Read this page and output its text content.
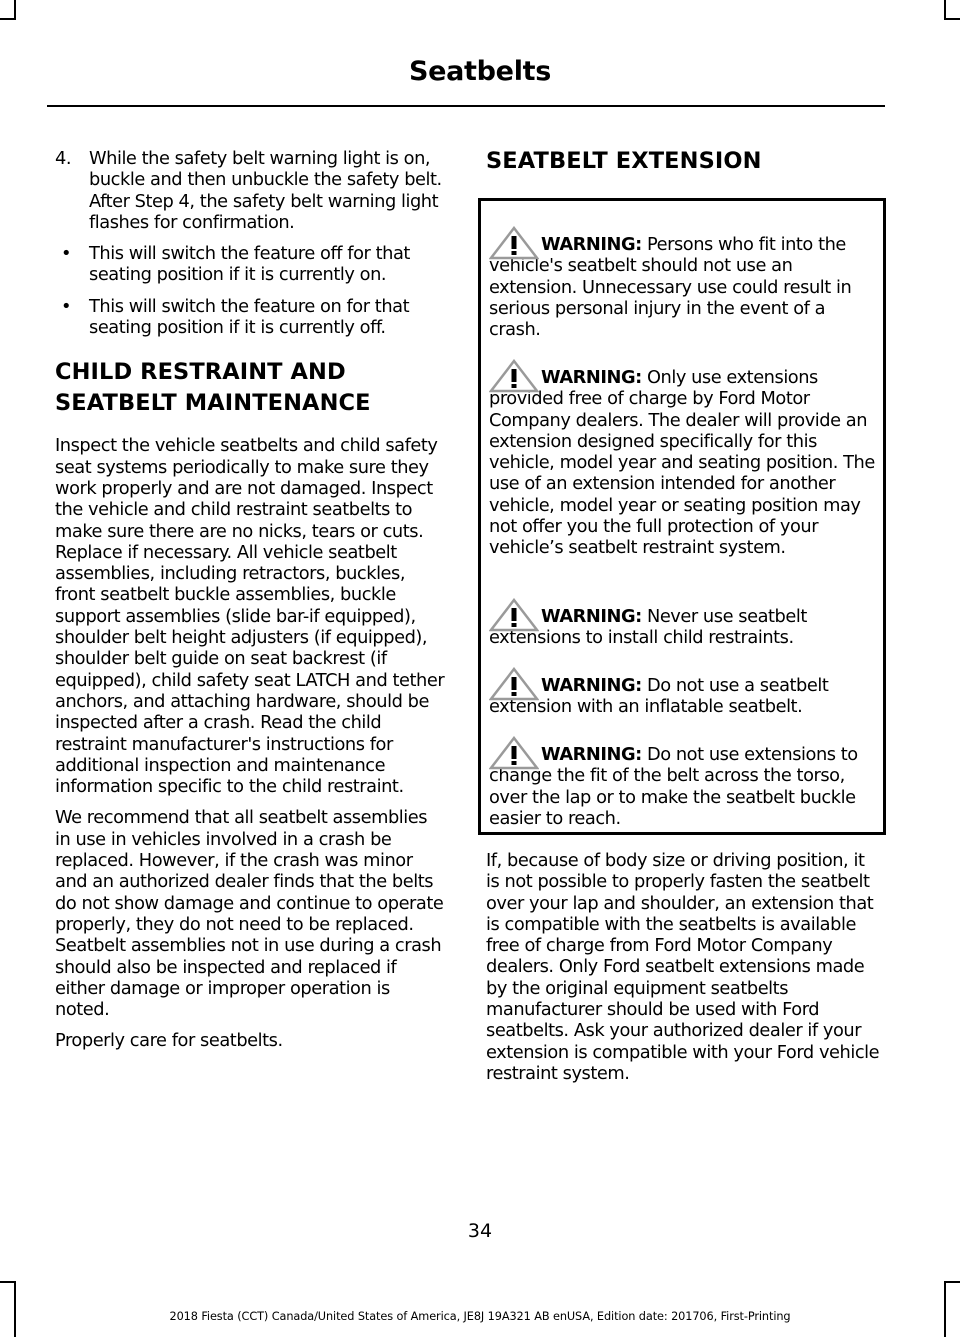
Seatbelts
4. While the safety belt warning light is on, buckle and then unbuckle the safety belt. After Step 4, the safety belt warning light flashes for confirmation.
• This will switch the feature off for that seating position if it is currently on.
• This will switch the feature on for that seating position if it is currently off.
CHILD RESTRAINT AND
SEATBELT MAINTENANCE

Inspect the vehicle seatbelts and child safety seat systems periodically to make sure they work properly and are not damaged. Inspect the vehicle and child restraint seatbelts to make sure there are no nicks, tears or cuts. Replace if necessary. All vehicle seatbelt assemblies, including retractors, buckles, front seatbelt buckle assemblies, buckle support assemblies (slide bar-if equipped), shoulder belt height adjusters (if equipped), shoulder belt guide on seat backrest (if equipped), child safety seat LATCH and tether anchors, and attaching hardware, should be inspected after a crash. Read the child restraint manufacturer's instructions for additional inspection and maintenance information specific to the child restraint.

We recommend that all seatbelt assemblies in use in vehicles involved in a crash be replaced. However, if the crash was minor and an authorized dealer finds that the belts do not show damage and continue to operate properly, they do not need to be replaced. Seatbelt assemblies not in use during a crash should also be inspected and replaced if either damage or improper operation is noted.

Properly care for seatbelts.

SEATBELT EXTENSION

WARNING: Persons who fit into the vehicle's seatbelt should not use an extension. Unnecessary use could result in serious personal injury in the event of a crash.

WARNING: Only use extensions provided free of charge by Ford Motor Company dealers. The dealer will provide an extension designed specifically for this vehicle, model year and seating position. The use of an extension intended for another vehicle, model year or seating position may not offer you the full protection of your vehicle’s seatbelt restraint system.

WARNING: Never use seatbelt extensions to install child restraints.

WARNING: Do not use a seatbelt extension with an inflatable seatbelt.

WARNING: Do not use extensions to change the fit of the belt across the torso, over the lap or to make the seatbelt buckle easier to reach.

If, because of body size or driving position, it is not possible to properly fasten the seatbelt over your lap and shoulder, an extension that is compatible with the seatbelts is available free of charge from Ford Motor Company dealers. Only Ford seatbelt extensions made by the original equipment seatbelts manufacturer should be used with Ford seatbelts. Ask your authorized dealer if your extension is compatible with your Ford vehicle restraint system.

34
2018 Fiesta (CCT) Canada/United States of America, JE8J 19A321 AB enUSA, Edition date: 201706, First-Printing
